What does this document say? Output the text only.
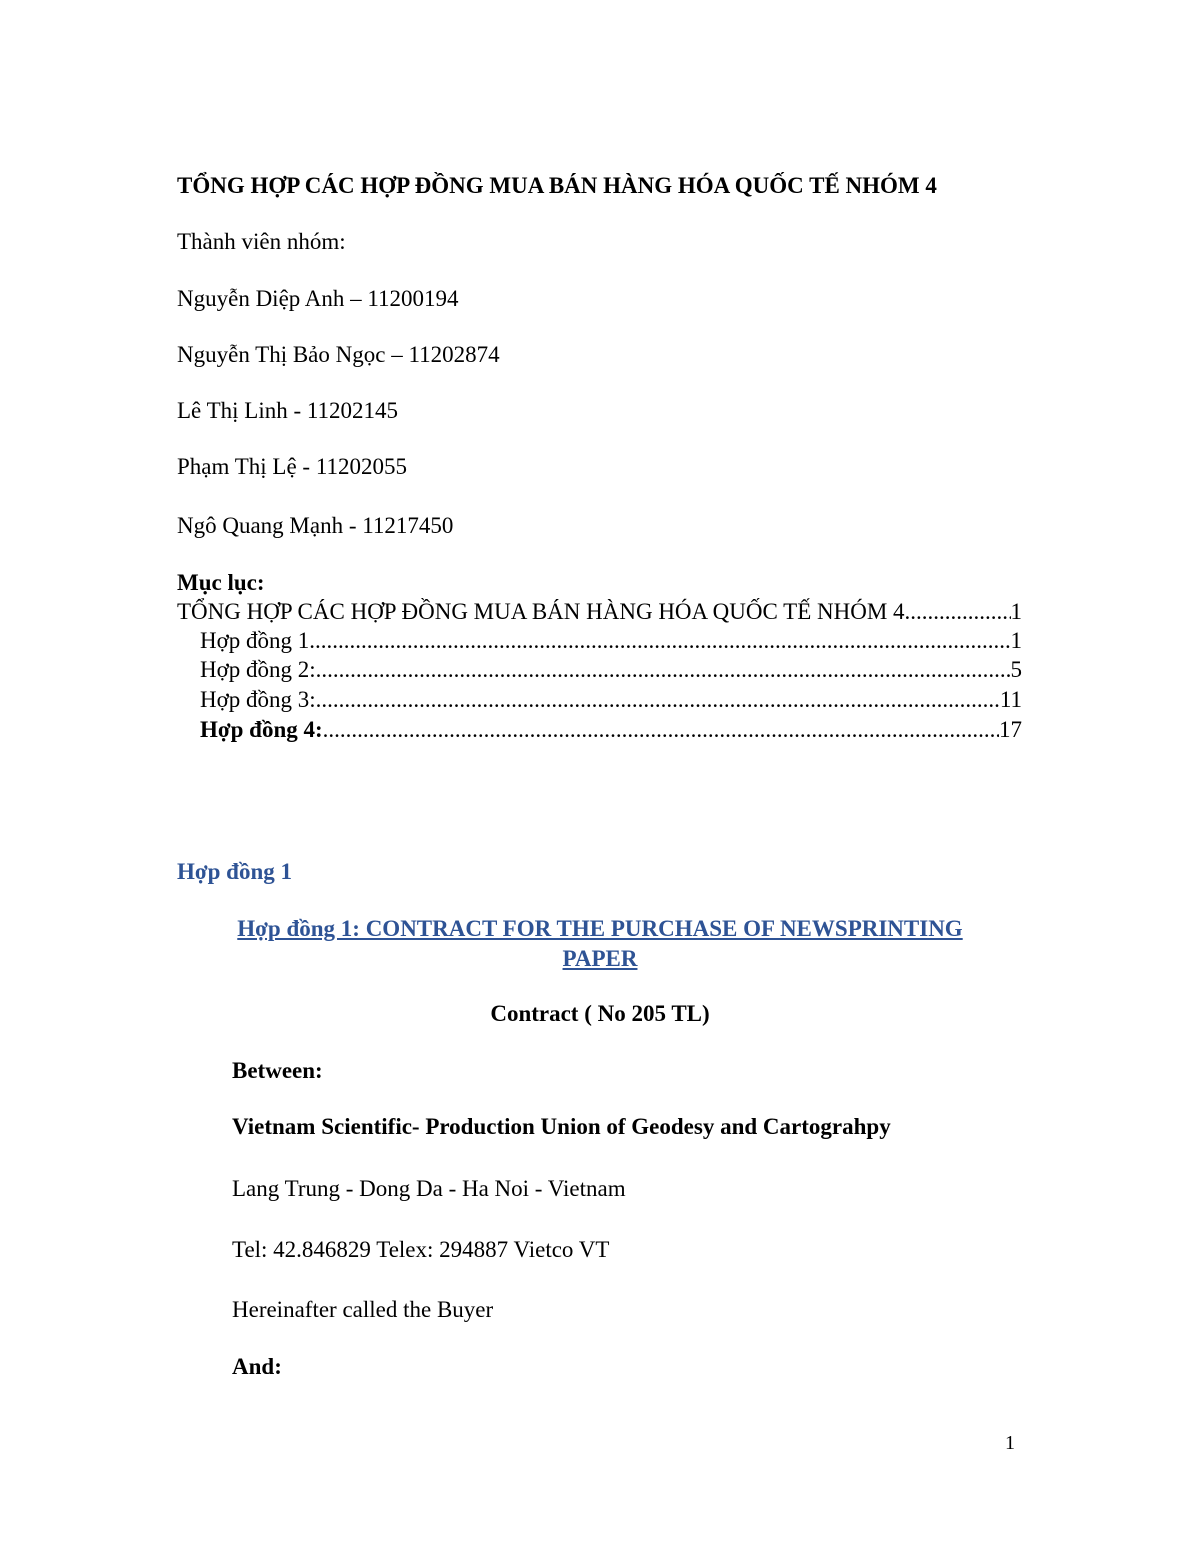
TỔNG HỢP CÁC HỢP ĐỒNG MUA BÁN HÀNG HÓA QUỐC TẾ NHÓM 4
Thành viên nhóm:
Nguyễn Diệp Anh – 11200194
Nguyễn Thị Bảo Ngọc – 11202874
Lê Thị Linh - 11202145
Phạm Thị Lệ - 11202055
Ngô Quang Mạnh - 11217450
Mục lục:
TỔNG HỢP CÁC HỢP ĐỒNG MUA BÁN HÀNG HÓA QUỐC TẾ NHÓM 4 .....	1
Hợp đồng 1 .....	1
Hợp đồng 2: .....	5
Hợp đồng 3: .....	11
Hợp đồng 4: .....	17
Hợp đồng 1
Hợp đồng 1: CONTRACT FOR THE PURCHASE OF NEWSPRINTING
PAPER
Contract ( No 205 TL)
Between:
Vietnam Scientific- Production Union of Geodesy and Cartograhpy
Lang Trung - Dong Da - Ha Noi - Vietnam
Tel: 42.846829 Telex: 294887 Vietco VT
Hereinafter called the Buyer
And:
1
